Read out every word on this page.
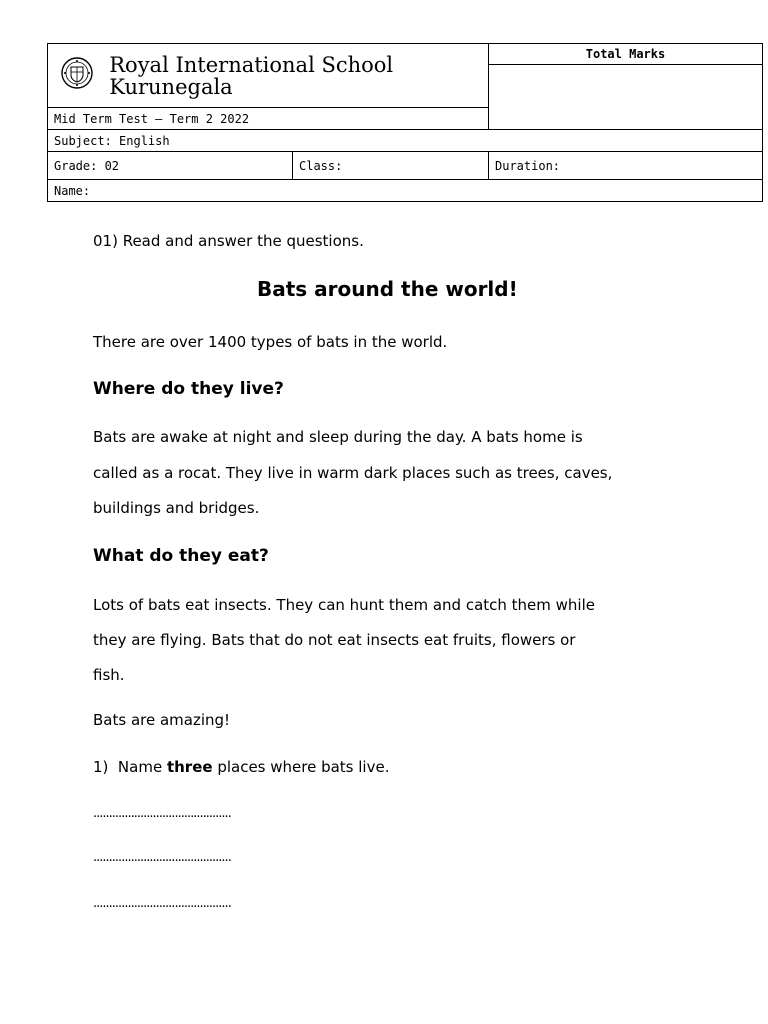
Royal International School
Kurunegala		Total Marks

Mid Term Test – Term 2 2022		
Subject: English		
Grade: 02	Class:	Duration:
Name:		
01) Read and answer the questions.
Bats around the world!
There are over 1400 types of bats in the world.
Where do they live?
Bats are awake at night and sleep during the day. A bats home is
called as a rocat. They live in warm dark places such as trees, caves,
buildings and bridges.
What do they eat?
Lots of bats eat insects. They can hunt them and catch them while
they are flying. Bats that do not eat insects eat fruits, flowers or
fish.
Bats are amazing!
1)  Name three places where bats live.
............................................
............................................
............................................
